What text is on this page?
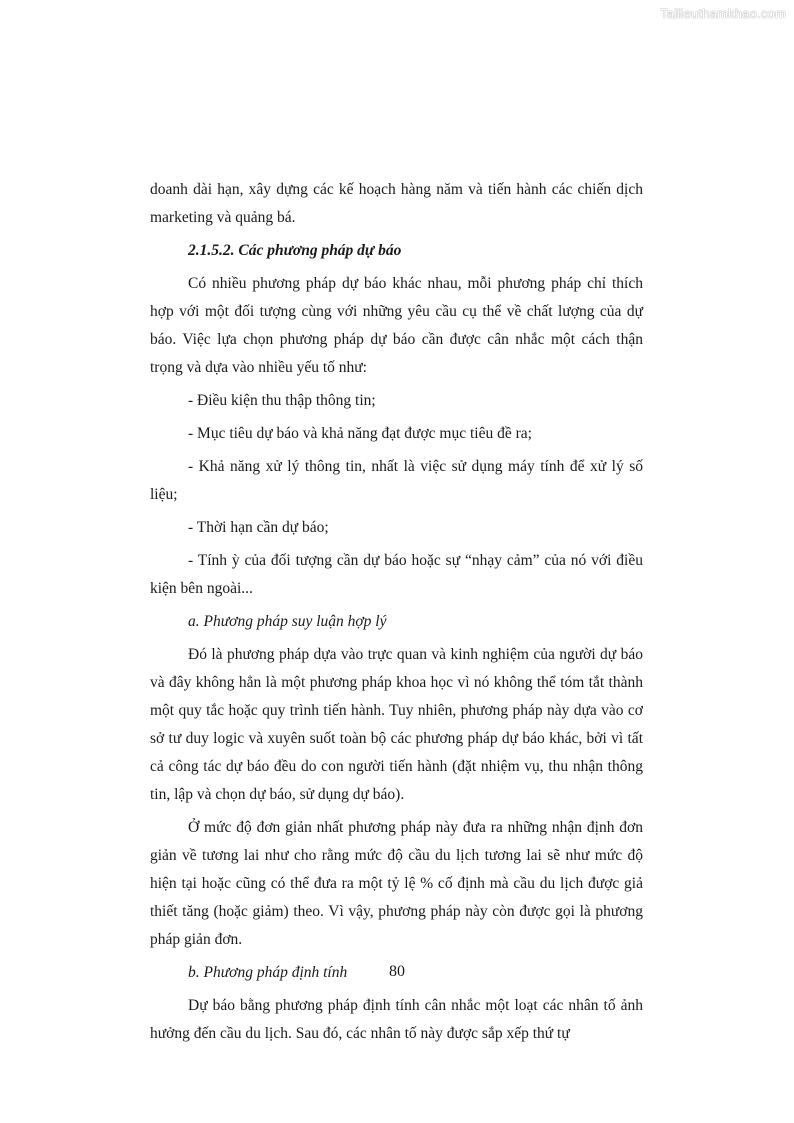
Tailieuthamkhao.com

doanh dài hạn, xây dựng các kế hoạch hàng năm và tiến hành các chiến dịch marketing và quảng bá.

2.1.5.2. Các phương pháp dự báo

Có nhiều phương pháp dự báo khác nhau, mỗi phương pháp chỉ thích hợp với một đối tượng cùng với những yêu cầu cụ thể về chất lượng của dự báo. Việc lựa chọn phương pháp dự báo cần được cân nhắc một cách thận trọng và dựa vào nhiều yếu tố như:

- Điều kiện thu thập thông tin;

- Mục tiêu dự báo và khả năng đạt được mục tiêu đề ra;

- Khả năng xử lý thông tin, nhất là việc sử dụng máy tính để xử lý số liệu;

- Thời hạn cần dự báo;

- Tính ỳ của đối tượng cần dự báo hoặc sự “nhạy cảm” của nó với điều kiện bên ngoài...

a. Phương pháp suy luận hợp lý

Đó là phương pháp dựa vào trực quan và kinh nghiệm của người dự báo và đây không hẳn là một phương pháp khoa học vì nó không thể tóm tắt thành một quy tắc hoặc quy trình tiến hành. Tuy nhiên, phương pháp này dựa vào cơ sở tư duy logic và xuyên suốt toàn bộ các phương pháp dự báo khác, bởi vì tất cả công tác dự báo đều do con người tiến hành (đặt nhiệm vụ, thu nhận thông tin, lập và chọn dự báo, sử dụng dự báo).

Ở mức độ đơn giản nhất phương pháp này đưa ra những nhận định đơn giản về tương lai như cho rằng mức độ cầu du lịch tương lai sẽ như mức độ hiện tại hoặc cũng có thể đưa ra một tỷ lệ % cố định mà cầu du lịch được giả thiết tăng (hoặc giảm) theo. Vì vậy, phương pháp này còn được gọi là phương pháp giản đơn.

b. Phương pháp định tính

Dự báo bằng phương pháp định tính cân nhắc một loạt các nhân tố ảnh hưởng đến cầu du lịch. Sau đó, các nhân tố này được sắp xếp thứ tự

80
